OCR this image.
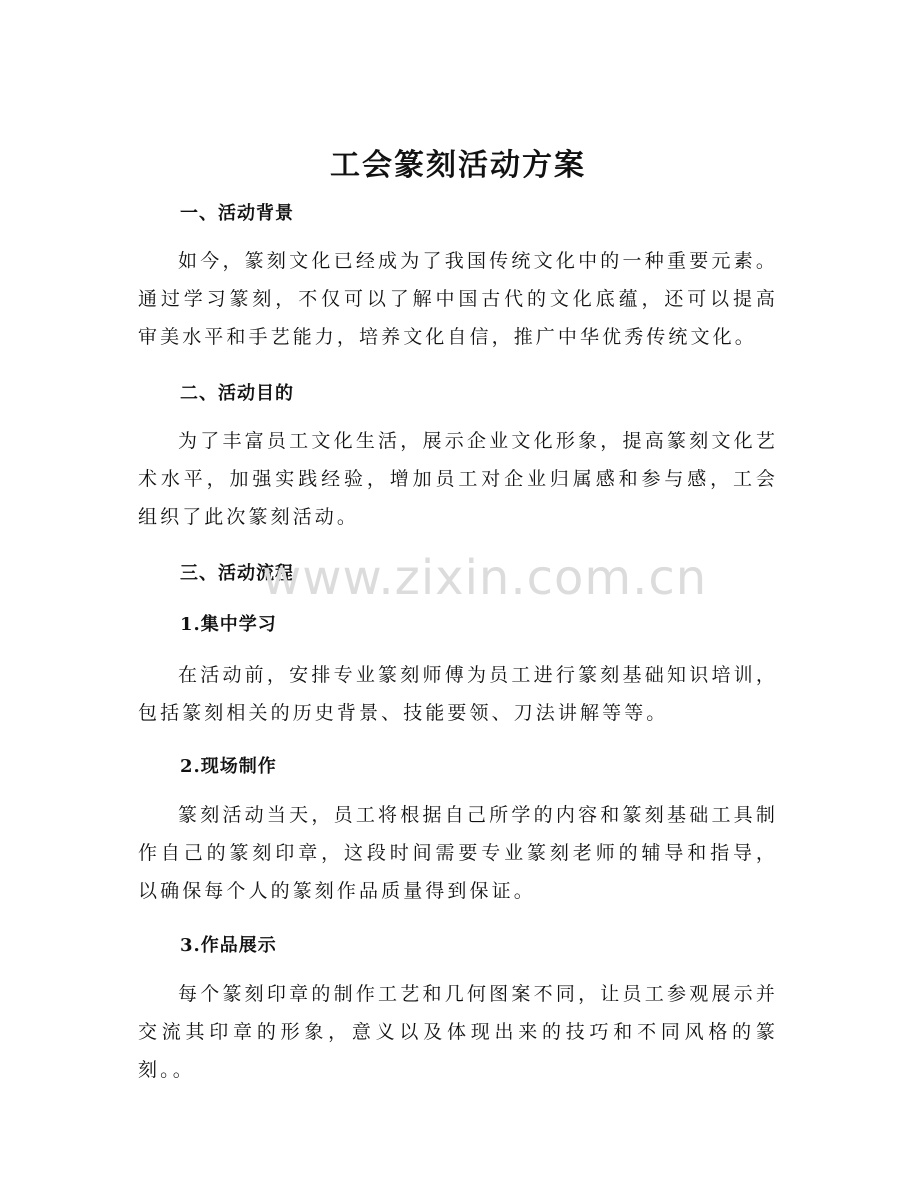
工会篆刻活动方案
一、活动背景

如今，篆刻文化已经成为了我国传统文化中的一种重要元素。通过学习篆刻，不仅可以了解中国古代的文化底蕴，还可以提高审美水平和手艺能力，培养文化自信，推广中华优秀传统文化。

二、活动目的

为了丰富员工文化生活，展示企业文化形象，提高篆刻文化艺术水平，加强实践经验，增加员工对企业归属感和参与感，工会组织了此次篆刻活动。

三、活动流程
1.集中学习

在活动前，安排专业篆刻师傅为员工进行篆刻基础知识培训，包括篆刻相关的历史背景、技能要领、刀法讲解等等。

2.现场制作

篆刻活动当天，员工将根据自己所学的内容和篆刻基础工具制作自己的篆刻印章，这段时间需要专业篆刻老师的辅导和指导，以确保每个人的篆刻作品质量得到保证。

3.作品展示

每个篆刻印章的制作工艺和几何图案不同，让员工参观展示并交流其印章的形象，意义以及体现出来的技巧和不同风格的篆刻。。

www.zixin.com.cn
